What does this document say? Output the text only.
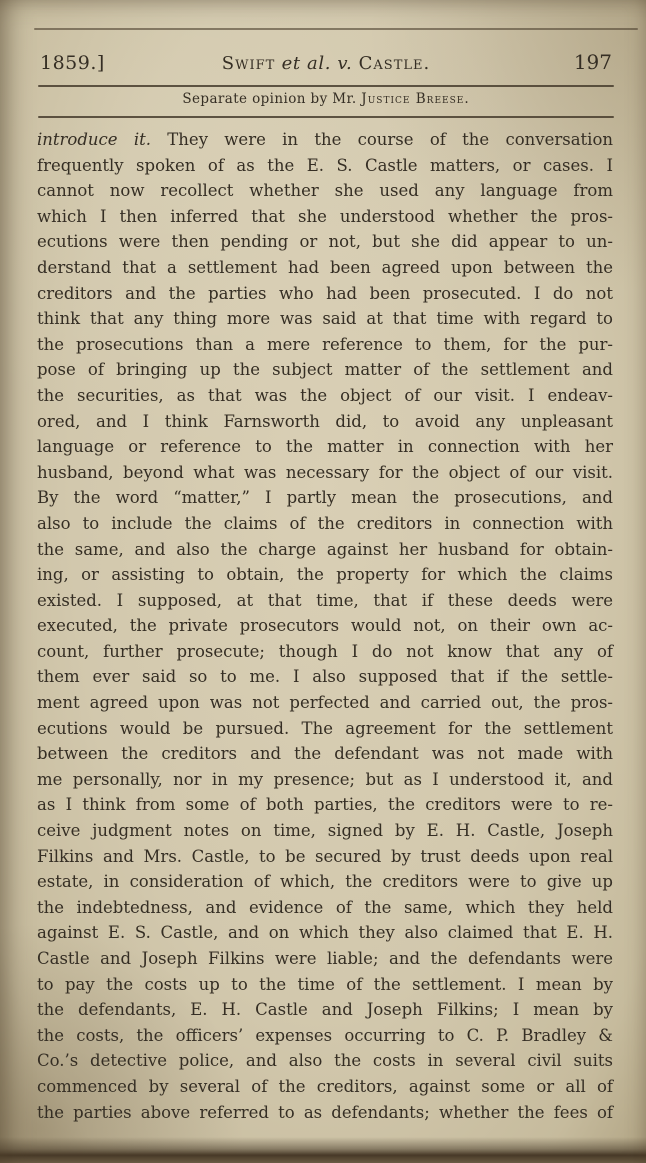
1859.]	Swift et al. v. Castle.	197
Separate opinion by Mr. Justice Breese.
introduce it. They were in the course of the conversation
frequently spoken of as the E. S. Castle matters, or cases. I
cannot now recollect whether she used any language from
which I then inferred that she understood whether the pros-
ecutions were then pending or not, but she did appear to un-
derstand that a settlement had been agreed upon between the
creditors and the parties who had been prosecuted. I do not
think that any thing more was said at that time with regard to
the prosecutions than a mere reference to them, for the pur-
pose of bringing up the subject matter of the settlement and
the securities, as that was the object of our visit. I endeav-
ored, and I think Farnsworth did, to avoid any unpleasant
language or reference to the matter in connection with her
husband, beyond what was necessary for the object of our visit.
By the word “matter,” I partly mean the prosecutions, and
also to include the claims of the creditors in connection with
the same, and also the charge against her husband for obtain-
ing, or assisting to obtain, the property for which the claims
existed. I supposed, at that time, that if these deeds were
executed, the private prosecutors would not, on their own ac-
count, further prosecute; though I do not know that any of
them ever said so to me. I also supposed that if the settle-
ment agreed upon was not perfected and carried out, the pros-
ecutions would be pursued. The agreement for the settlement
between the creditors and the defendant was not made with
me personally, nor in my presence; but as I understood it, and
as I think from some of both parties, the creditors were to re-
ceive judgment notes on time, signed by E. H. Castle, Joseph
Filkins and Mrs. Castle, to be secured by trust deeds upon real
estate, in consideration of which, the creditors were to give up
the indebtedness, and evidence of the same, which they held
against E. S. Castle, and on which they also claimed that E. H.
Castle and Joseph Filkins were liable; and the defendants were
to pay the costs up to the time of the settlement. I mean by
the defendants, E. H. Castle and Joseph Filkins; I mean by
the costs, the officers’ expenses occurring to C. P. Bradley &
Co.’s detective police, and also the costs in several civil suits
commenced by several of the creditors, against some or all of
the parties above referred to as defendants; whether the fees of
